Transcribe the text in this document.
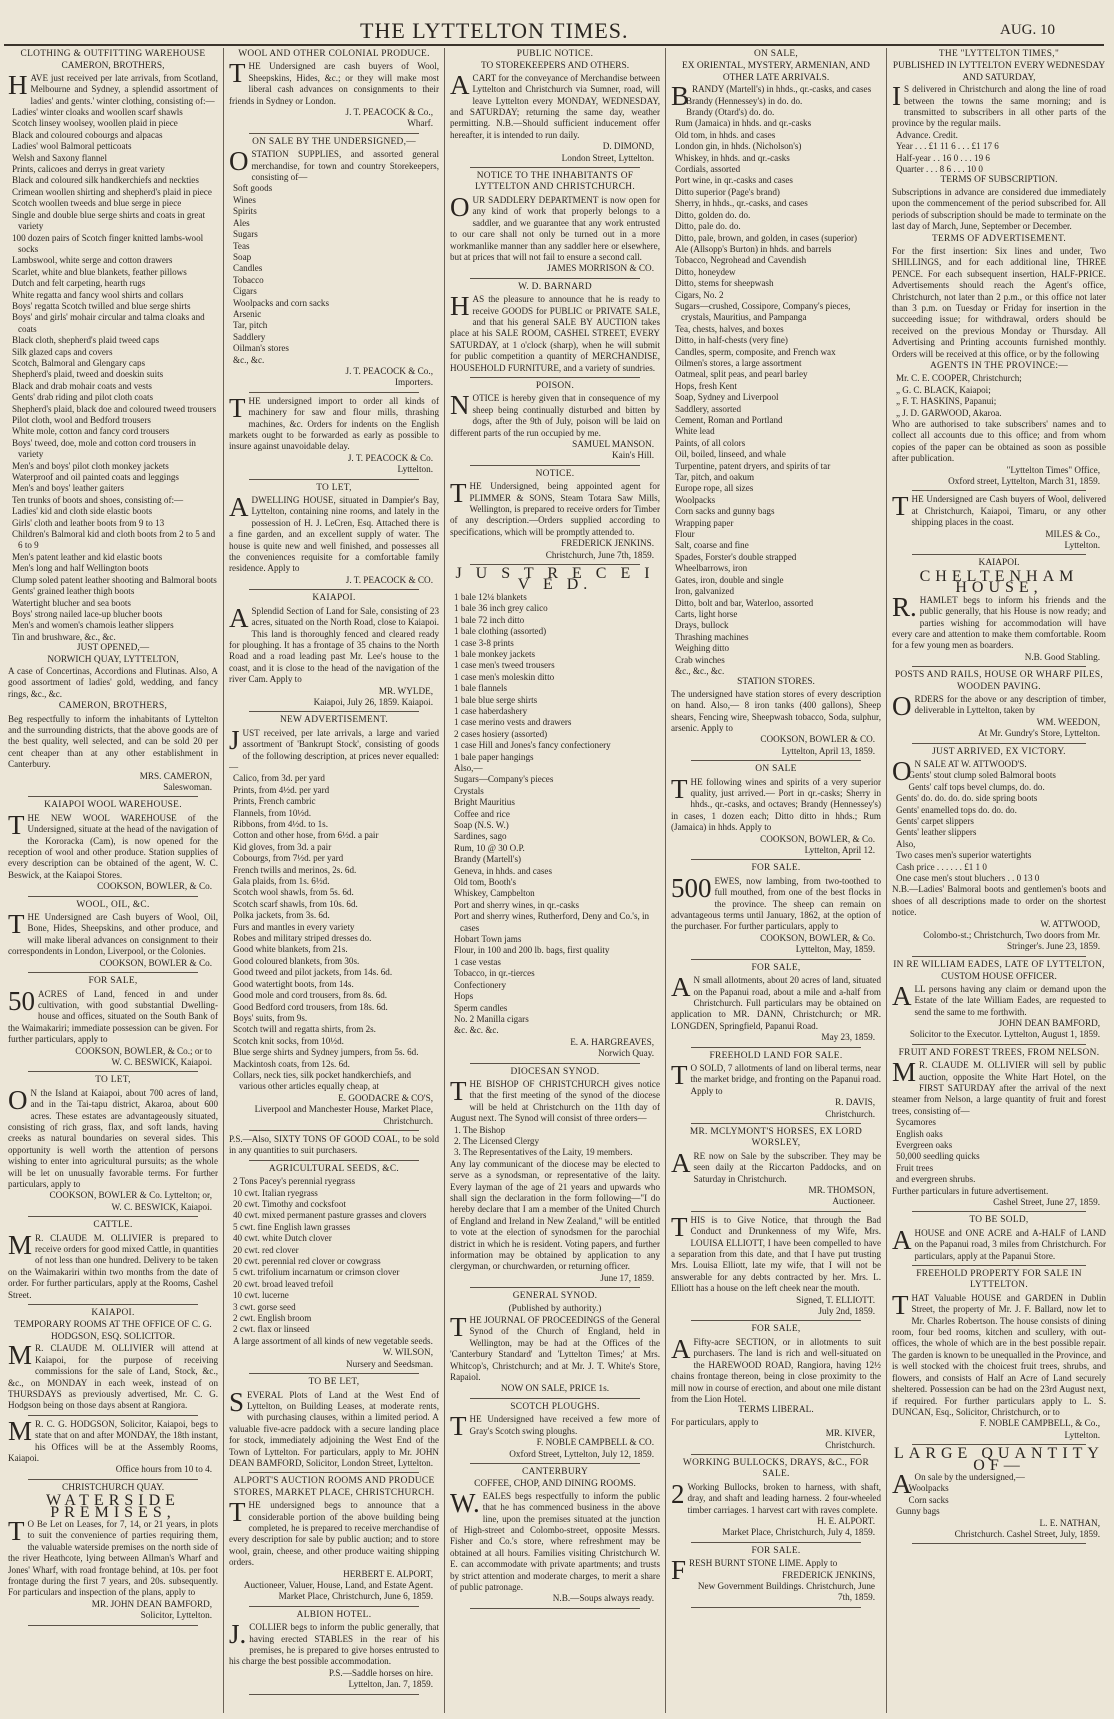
THE LYTTELTON TIMES.	AUG. 10
CLOTHING & OUTFITTING WAREHOUSE
CAMERON, BROTHERS,

HAVE just received per late arrivals, from Scotland, Melbourne and Sydney, a splendid assortment of ladies' and gents.' winter clothing, consisting of:—

Ladies' winter cloaks and woollen scarf shawls
Scotch linsey woolsey, woollen plaid in piece
Black and coloured cobourgs and alpacas
Ladies' wool Balmoral petticoats
Welsh and Saxony flannel
Prints, calicoes and derrys in great variety
Black and coloured silk handkerchiefs and neckties
Crimean woollen shirting and shepherd's plaid in piece
Scotch woollen tweeds and blue serge in piece
Single and double blue serge shirts and coats in great variety
100 dozen pairs of Scotch finger knitted lambs-wool socks
Lambswool, white serge and cotton drawers
Scarlet, white and blue blankets, feather pillows
Dutch and felt carpeting, hearth rugs
White regatta and fancy wool shirts and collars
Boys' regatta Scotch twilled and blue serge shirts
Boys' and girls' mohair circular and talma cloaks and coats
Black cloth, shepherd's plaid tweed caps
Silk glazed caps and covers
Scotch, Balmoral and Glengary caps
Shepherd's plaid, tweed and doeskin suits
Black and drab mohair coats and vests
Gents' drab riding and pilot cloth coats
Shepherd's plaid, black doe and coloured tweed trousers
Pilot cloth, wool and Bedford trousers
White mole, cotton and fancy cord trousers
Boys' tweed, doe, mole and cotton cord trousers in variety
Men's and boys' pilot cloth monkey jackets
Waterproof and oil painted coats and leggings
Men's and boys' leather gaiters
Ten trunks of boots and shoes, consisting of:—
Ladies' kid and cloth side elastic boots
Girls' cloth and leather boots from 9 to 13
Children's Balmoral kid and cloth boots from 2 to 5 and 6 to 9
Men's patent leather and kid elastic boots
Men's long and half Wellington boots
Clump soled patent leather shooting and Balmoral boots
Gents' grained leather thigh boots
Watertight blucher and sea boots
Boys' strong nailed lace-up blucher boots
Men's and women's chamois leather slippers
Tin and brushware, &c., &c.
JUST OPENED,—
NORWICH QUAY, LYTTELTON,

A case of Concertinas, Accordions and Flutinas. Also, A good assortment of ladies' gold, wedding, and fancy rings, &c., &c.

CAMERON, BROTHERS,

Beg respectfully to inform the inhabitants of Lyttelton and the surrounding districts, that the above goods are of the best quality, well selected, and can be sold 20 per cent cheaper than at any other establishment in Canterbury.

MRS. CAMERON,
Saleswoman.
KAIAPOI WOOL WAREHOUSE.

THE NEW WOOL WAREHOUSE of the Undersigned, situate at the head of the navigation of the Kororacka (Cam), is now opened for the reception of wool and other produce. Station supplies of every description can be obtained of the agent, W. C. Beswick, at the Kaiapoi Stores.

COOKSON, BOWLER, & Co.
WOOL, OIL, &C.

THE Undersigned are Cash buyers of Wool, Oil, Bone, Hides, Sheepskins, and other produce, and will make liberal advances on consignment to their correspondents in London, Liverpool, or the Colonies.

COOKSON, BOWLER & Co.
FOR SALE,

50 ACRES of Land, fenced in and under cultivation, with good substantial Dwelling-house and offices, situated on the South Bank of the Waimakariri; immediate possession can be given. For further particulars, apply to

COOKSON, BOWLER, & Co.; or to
W. C. BESWICK, Kaiapoi.
TO LET,

O N the Island at Kaiapoi, about 700 acres of land, and in the Tai-tapu district, Akaroa, about 600 acres. These estates are advantageously situated, consisting of rich grass, flax, and soft lands, having creeks as natural boundaries on several sides. This opportunity is well worth the attention of persons wishing to enter into agricultural pursuits; as the whole will be let on unusually favorable terms. For further particulars, apply to

COOKSON, BOWLER & Co. Lyttelton; or,
W. C. BESWICK, Kaiapoi.
CATTLE.

M R. CLAUDE M. OLLIVIER is prepared to receive orders for good mixed Cattle, in quantities of not less than one hundred. Delivery to be taken on the Waimakariri within two months from the date of order. For further particulars, apply at the Rooms, Cashel Street.

KAIAPOI.
TEMPORARY ROOMS AT THE OFFICE OF C. G. HODGSON, ESQ. SOLICITOR.

M R. CLAUDE M. OLLIVIER will attend at Kaiapoi, for the purpose of receiving commissions for the sale of Land, Stock, &c., &c., on MONDAY in each week, instead of on THURSDAYS as previously advertised, Mr. C. G. Hodgson being on those days absent at Rangiora.

M R. C. G. HODGSON, Solicitor, Kaiapoi, begs to state that on and after MONDAY, the 18th instant, his Offices will be at the Assembly Rooms, Kaiapoi.

Office hours from 10 to 4.
CHRISTCHURCH QUAY.
WATERSIDE PREMISES,

T O Be Let on Leases, for 7, 14, or 21 years, in plots to suit the convenience of parties requiring them, the valuable waterside premises on the north side of the river Heathcote, lying between Allman's Wharf and Jones' Wharf, with road frontage behind, at 10s. per foot frontage during the first 7 years, and 20s. subsequently. For particulars and inspection of the plans, apply to

MR. JOHN DEAN BAMFORD,
Solicitor, Lyttelton.
WOOL AND OTHER COLONIAL PRODUCE.

THE Undersigned are cash buyers of Wool, Sheepskins, Hides, &c.; or they will make most liberal cash advances on consignments to their friends in Sydney or London.

J. T. PEACOCK & Co.,
Wharf.
ON SALE BY THE UNDERSIGNED,—

OSTATION SUPPLIES, and assorted general merchandise, for town and country Storekeepers, consisting of—

Soft goods
Wines
Spirits
Ales
Sugars
Teas
Soap
Candles
Tobacco
Cigars
Woolpacks and corn sacks
Arsenic
Tar, pitch
Saddlery
Oilman's stores
&c., &c.
J. T. PEACOCK & Co.,
Importers.

THE undersigned import to order all kinds of machinery for saw and flour mills, thrashing machines, &c. Orders for indents on the English markets ought to be forwarded as early as possible to insure against unavoidable delay.

J. T. PEACOCK & Co.
Lyttelton.
TO LET,

ADWELLING HOUSE, situated in Dampier's Bay, Lyttelton, containing nine rooms, and lately in the possession of H. J. LeCren, Esq. Attached there is a fine garden, and an excellent supply of water. The house is quite new and well finished, and possesses all the conveniences requisite for a comfortable family residence. Apply to

J. T. PEACOCK & CO.
KAIAPOI.

A Splendid Section of Land for Sale, consisting of 23 acres, situated on the North Road, close to Kaiapoi. This land is thoroughly fenced and cleared ready for ploughing. It has a frontage of 35 chains to the North Road and a road leading past Mr. Lee's house to the coast, and it is close to the head of the navigation of the river Cam. Apply to

MR. WYLDE,
Kaiapoi, July 26, 1859. Kaiapoi.
NEW ADVERTISEMENT.

JUST received, per late arrivals, a large and varied assortment of 'Bankrupt Stock', consisting of goods of the following description, at prices never equalled:—

Calico, from 3d. per yard
Prints, from 4½d. per yard
Prints, French cambric
Flannels, from 10½d.
Ribbons, from 4½d. to 1s.
Cotton and other hose, from 6½d. a pair
Kid gloves, from 3d. a pair
Cobourgs, from 7½d. per yard
French twills and merinos, 2s. 6d.
Gala plaids, from 1s. 6½d.
Scotch wool shawls, from 5s. 6d.
Scotch scarf shawls, from 10s. 6d.
Polka jackets, from 3s. 6d.
Furs and mantles in every variety
Robes and military striped dresses do.
Good white blankets, from 21s.
Good coloured blankets, from 30s.
Good tweed and pilot jackets, from 14s. 6d.
Good watertight boots, from 14s.
Good mole and cord trousers, from 8s. 6d.
Good Bedford cord trousers, from 18s. 6d.
Boys' suits, from 9s.
Scotch twill and regatta shirts, from 2s.
Scotch knit socks, from 10½d.
Blue serge shirts and Sydney jumpers, from 5s. 6d.
Mackintosh coats, from 12s. 6d.
Collars, neck ties, silk pocket handkerchiefs, and various other articles equally cheap, at
E. GOODACRE & CO'S,
Liverpool and Manchester House, Market Place, Christchurch.

P.S.—Also, SIXTY TONS OF GOOD COAL, to be sold in any quantities to suit purchasers.

AGRICULTURAL SEEDS, &C.
2 Tons Pacey's perennial ryegrass
10 cwt. Italian ryegrass
20 cwt. Timothy and cocksfoot
40 cwt. mixed permanent pasture grasses and clovers
5 cwt. fine English lawn grasses
40 cwt. white Dutch clover
20 cwt. red clover
20 cwt. perennial red clover or cowgrass
5 cwt. trifolium incarnatum or crimson clover
20 cwt. broad leaved trefoil
10 cwt. lucerne
3 cwt. gorse seed
2 cwt. English broom
2 cwt. flax or linseed
A large assortment of all kinds of new vegetable seeds.
W. WILSON,
Nursery and Seedsman.
TO BE LET,

SEVERAL Plots of Land at the West End of Lyttelton, on Building Leases, at moderate rents, with purchasing clauses, within a limited period. A valuable five-acre paddock with a secure landing place for stock, immediately adjoining the West End of the Town of Lyttelton. For particulars, apply to Mr. JOHN DEAN BAMFORD, Solicitor, London Street, Lyttelton.

ALPORT'S AUCTION ROOMS AND PRODUCE STORES, MARKET PLACE, CHRISTCHURCH.

THE undersigned begs to announce that a considerable portion of the above building being completed, he is prepared to receive merchandise of every description for sale by public auction; and to store wool, grain, cheese, and other produce waiting shipping orders.

HERBERT E. ALPORT,
Auctioneer, Valuer, House, Land, and Estate Agent. Market Place, Christchurch, June 6, 1859.
ALBION HOTEL.

J. COLLIER begs to inform the public generally, that having erected STABLES in the rear of his premises, he is prepared to give horses entrusted to his charge the best possible accommodation.

P.S.—Saddle horses on hire.
Lyttelton, Jan. 7, 1859.
PUBLIC NOTICE.
TO STOREKEEPERS AND OTHERS.

ACART for the conveyance of Merchandise between Lyttelton and Christchurch via Sumner, road, will leave Lyttelton every MONDAY, WEDNESDAY, and SATURDAY; returning the same day, weather permitting. N.B.—Should sufficient inducement offer hereafter, it is intended to run daily.

D. DIMOND,
London Street, Lyttelton.
NOTICE TO THE INHABITANTS OF LYTTELTON AND CHRISTCHURCH.

OUR SADDLERY DEPARTMENT is now open for any kind of work that properly belongs to a saddler, and we guarantee that any work entrusted to our care shall not only be turned out in a more workmanlike manner than any saddler here or elsewhere, but at prices that will not fail to ensure a second call.

JAMES MORRISON & CO.
W. D. BARNARD

HAS the pleasure to announce that he is ready to receive GOODS for PUBLIC or PRIVATE SALE, and that his general SALE BY AUCTION takes place at his SALE ROOM, CASHEL STREET, EVERY SATURDAY, at 1 o'clock (sharp), when he will submit for public competition a quantity of MERCHANDISE, HOUSEHOLD FURNITURE, and a variety of sundries.

POISON.

NOTICE is hereby given that in consequence of my sheep being continually disturbed and bitten by dogs, after the 9th of July, poison will be laid on different parts of the run occupied by me.

SAMUEL MANSON.
Kain's Hill.
NOTICE.

THE Undersigned, being appointed agent for PLIMMER & SONS, Steam Totara Saw Mills, Wellington, is prepared to receive orders for Timber of any description.—Orders supplied according to specifications, which will be promptly attended to.

FREDERICK JENKINS.
Christchurch, June 7th, 1859.
J U S T R E C E I V E D.
1 bale 12¼ blankets
1 bale 36 inch grey calico
1 bale 72 inch ditto
1 bale clothing (assorted)
1 case 3-8 prints
1 bale monkey jackets
1 case men's tweed trousers
1 case men's moleskin ditto
1 bale flannels
1 bale blue serge shirts
1 case haberdashery
1 case merino vests and drawers
2 cases hosiery (assorted)
1 case Hill and Jones's fancy confectionery
1 bale paper hangings
Also,—
Sugars—Company's pieces
Crystals
Bright Mauritius
Coffee and rice
Soap (N.S. W.)
Sardines, sago
Rum, 10 @ 30 O.P.
Brandy (Martell's)
Geneva, in hhds. and cases
Old tom, Booth's
Whiskey, Campbelton
Port and sherry wines, in qr.-casks
Port and sherry wines, Rutherford, Deny and Co.'s, in cases
Hobart Town jams
Flour, in 100 and 200 lb. bags, first quality
1 case vestas
Tobacco, in qr.-tierces
Confectionery
Hops
Sperm candles
No. 2 Manilla cigars
&c. &c. &c.
E. A. HARGREAVES,
Norwich Quay.
DIOCESAN SYNOD.

THE BISHOP OF CHRISTCHURCH gives notice that the first meeting of the synod of the diocese will be held at Christchurch on the 11th day of August next. The Synod will consist of three orders—

1. The Bishop
2. The Licensed Clergy
3. The Representatives of the Laity, 19 members.

Any lay communicant of the diocese may be elected to serve as a synodsman, or representative of the laity. Every layman of the age of 21 years and upwards who shall sign the declaration in the form following—"I do hereby declare that I am a member of the United Church of England and Ireland in New Zealand," will be entitled to vote at the election of synodsmen for the parochial district in which he is resident. Voting papers, and further information may be obtained by application to any clergyman, or churchwarden, or returning officer.

June 17, 1859.
GENERAL SYNOD.
(Published by authority.)

THE JOURNAL OF PROCEEDINGS of the General Synod of the Church of England, held in Wellington, may be had at the Offices of the 'Canterbury Standard' and 'Lyttelton Times;' at Mrs. Whitcop's, Christchurch; and at Mr. J. T. White's Store, Rapaiol.

NOW ON SALE, PRICE 1s.
SCOTCH PLOUGHS.

THE Undersigned have received a few more of Gray's Scotch swing ploughs.

F. NOBLE CAMPBELL & CO.
Oxford Street, Lyttelton, July 12, 1859.
CANTERBURY
COFFEE, CHOP, AND DINING ROOMS.

W. EALES begs respectfully to inform the public that he has commenced business in the above line, upon the premises situated at the junction of High-street and Colombo-street, opposite Messrs. Fisher and Co.'s store, where refreshment may be obtained at all hours. Families visiting Christchurch W. E. can accommodate with private apartments; and trusts by strict attention and moderate charges, to merit a share of public patronage.

N.B.—Soups always ready.
ON SALE,
EX ORIENTAL, MYSTERY, ARMENIAN, AND OTHER LATE ARRIVALS.

BRANDY (Martell's) in hhds., qr.-casks, and cases

Brandy (Hennessey's) in do. do.
Brandy (Otard's) do. do.
Rum (Jamaica) in hhds. and qr.-casks
Old tom, in hhds. and cases
London gin, in hhds. (Nicholson's)
Whiskey, in hhds. and qr.-casks
Cordials, assorted
Port wine, in qr.-casks and cases
Ditto superior (Page's brand)
Sherry, in hhds., qr.-casks, and cases
Ditto, golden do. do.
Ditto, pale do. do.
Ditto, pale, brown, and golden, in cases (superior)
Ale (Allsopp's Burton) in hhds. and barrels
Tobacco, Negrohead and Cavendish
Ditto, honeydew
Ditto, stems for sheepwash
Cigars, No. 2
Sugars—crushed, Cossipore, Company's pieces, crystals, Mauritius, and Pampanga
Tea, chests, halves, and boxes
Ditto, in half-chests (very fine)
Candles, sperm, composite, and French wax
Oilmen's stores, a large assortment
Oatmeal, split peas, and pearl barley
Hops, fresh Kent
Soap, Sydney and Liverpool
Saddlery, assorted
Cement, Roman and Portland
White lead
Paints, of all colors
Oil, boiled, linseed, and whale
Turpentine, patent dryers, and spirits of tar
Tar, pitch, and oakum
Europe rope, all sizes
Woolpacks
Corn sacks and gunny bags
Wrapping paper
Flour
Salt, coarse and fine
Spades, Forster's double strapped
Wheelbarrows, iron
Gates, iron, double and single
Iron, galvanized
Ditto, bolt and bar, Waterloo, assorted
Carts, light horse
Drays, bullock
Thrashing machines
Weighing ditto
Crab winches
&c., &c., &c.
STATION STORES.

The undersigned have station stores of every description on hand. Also,— 8 iron tanks (400 gallons), Sheep shears, Fencing wire, Sheepwash tobacco, Soda, sulphur, arsenic. Apply to

COOKSON, BOWLER & CO.
Lyttelton, April 13, 1859.
ON SALE

THE following wines and spirits of a very superior quality, just arrived.— Port in qr.-casks; Sherry in hhds., qr.-casks, and octaves; Brandy (Hennessey's) in cases, 1 dozen each; Ditto ditto in hhds.; Rum (Jamaica) in hhds. Apply to

COOKSON, BOWLER, & Co.
Lyttelton, April 12.
FOR SALE.

500 EWES, now lambing, from two-toothed to full mouthed, from one of the best flocks in the province. The sheep can remain on advantageous terms until January, 1862, at the option of the purchaser. For further particulars, apply to

COOKSON, BOWLER, & Co.
Lyttelton, May, 1859.
FOR SALE,

A N small allotments, about 20 acres of land, situated on the Papanui road, about a mile and a-half from Christchurch. Full particulars may be obtained on application to MR. DANN, Christchurch; or MR. LONGDEN, Springfield, Papanui Road.

May 23, 1859.
FREEHOLD LAND FOR SALE.

T O SOLD, 7 allotments of land on liberal terms, near the market bridge, and fronting on the Papanui road. Apply to

R. DAVIS,
Christchurch.
MR. MCLYMONT'S HORSES, EX LORD WORSLEY,

ARE now on Sale by the subscriber. They may be seen daily at the Riccarton Paddocks, and on Saturday in Christchurch.

MR. THOMSON,
Auctioneer.

THIS is to Give Notice, that through the Bad Conduct and Drunkenness of my Wife, Mrs. LOUISA ELLIOTT, I have been compelled to have a separation from this date, and that I have put trusting Mrs. Louisa Elliott, late my wife, that I will not be answerable for any debts contracted by her. Mrs. L. Elliott has a house on the left cheek near the mouth.

Signed, T. ELLIOTT.
July 2nd, 1859.
FOR SALE,

A Fifty-acre SECTION, or in allotments to suit purchasers. The land is rich and well-situated on the HAREWOOD ROAD, Rangiora, having 12½ chains frontage thereon, being in close proximity to the mill now in course of erection, and about one mile distant from the Lion Hotel.

TERMS LIBERAL.

For particulars, apply to

MR. KIVER,
Christchurch.
WORKING BULLOCKS, DRAYS, &C., FOR SALE.

2 Working Bullocks, broken to harness, with shaft, dray, and shaft and leading harness. 2 four-wheeled timber carriages. 1 harvest cart with raves complete.

H. E. ALPORT.
Market Place, Christchurch, July 4, 1859.
FOR SALE.

FRESH BURNT STONE LIME. Apply to

FREDERICK JENKINS,
New Government Buildings. Christchurch, June 7th, 1859.
THE "LYTTELTON TIMES,"
PUBLISHED IN LYTTELTON EVERY WEDNESDAY AND SATURDAY,

I S delivered in Christchurch and along the line of road between the towns the same morning; and is transmitted to subscribers in all other parts of the province by the regular mails.

Advance. Credit.
Year . . . £1 11 6 . . . £1 17 6
Half-year . . 16 0 . . . 19 6
Quarter . . . 8 6 . . . 10 0
TERMS OF SUBSCRIPTION.

Subscriptions in advance are considered due immediately upon the commencement of the period subscribed for. All periods of subscription should be made to terminate on the last day of March, June, September or December.

TERMS OF ADVERTISEMENT.

For the first insertion: Six lines and under, Two SHILLINGS, and for each additional line, THREE PENCE. For each subsequent insertion, HALF-PRICE. Advertisements should reach the Agent's office, Christchurch, not later than 2 p.m., or this office not later than 3 p.m. on Tuesday or Friday for insertion in the succeeding issue; for withdrawal, orders should be received on the previous Monday or Thursday. All Advertising and Printing accounts furnished monthly. Orders will be received at this office, or by the following

AGENTS IN THE PROVINCE:—
Mr. C. E. COOPER, Christchurch;
„ G. C. BLACK, Kaiapoi;
„ F. T. HASKINS, Papanui;
„ J. D. GARWOOD, Akaroa.

Who are authorised to take subscribers' names and to collect all accounts due to this office; and from whom copies of the paper can be obtained as soon as possible after publication.

"Lyttelton Times" Office,
Oxford street, Lyttelton, March 31, 1859.

THE Undersigned are Cash buyers of Wool, delivered at Christchurch, Kaiapoi, Timaru, or any other shipping places in the coast.

MILES & Co.,
Lyttelton.
KAIAPOI.
CHELTENHAM HOUSE,

R. HAMLET begs to inform his friends and the public generally, that his House is now ready; and parties wishing for accommodation will have every care and attention to make them comfortable. Room for a few young men as boarders.

N.B. Good Stabling.
POSTS AND RAILS, HOUSE OR WHARF PILES, WOODEN PAVING.

ORDERS for the above or any description of timber, deliverable in Lyttelton, taken by

WM. WEEDON,
At Mr. Gundry's Store, Lyttelton.
JUST ARRIVED, EX VICTORY.

O N SALE AT W. ATTWOOD'S.

Gents' stout clump soled Balmoral boots
Gents' calf tops bevel clumps, do. do.
Gents' do. do. do. do. side spring boots
Gents' enamelled tops do. do. do.
Gents' carpet slippers
Gents' leather slippers
Also,
Two cases men's superior watertights
Cash price . . . . . . £1 1 0
One case men's stout bluchers . . 0 13 0

N.B.—Ladies' Balmoral boots and gentlemen's boots and shoes of all descriptions made to order on the shortest notice.

W. ATTWOOD,
Colombo-st.; Christchurch, Two doors from Mr. Stringer's. June 23, 1859.
IN RE WILLIAM EADES, LATE OF LYTTELTON,
CUSTOM HOUSE OFFICER.

ALL persons having any claim or demand upon the Estate of the late William Eades, are requested to send the same to me forthwith.

JOHN DEAN BAMFORD,
Solicitor to the Executor. Lyttelton, August 1, 1859.
FRUIT AND FOREST TREES, FROM NELSON.

M R. CLAUDE M. OLLIVIER will sell by public auction, opposite the White Hart Hotel, on the FIRST SATURDAY after the arrival of the next steamer from Nelson, a large quantity of fruit and forest trees, consisting of—

Sycamores
English oaks
Evergreen oaks
50,000 seedling quicks
Fruit trees
and evergreen shrubs.

Further particulars in future advertisement.

Cashel Street, June 27, 1859.
TO BE SOLD,

AHOUSE and ONE ACRE and A-HALF of LAND on the Papanui road, 3 miles from Christchurch. For particulars, apply at the Papanui Store.

FREEHOLD PROPERTY FOR SALE IN LYTTELTON.

THAT Valuable HOUSE and GARDEN in Dublin Street, the property of Mr. J. F. Ballard, now let to Mr. Charles Robertson. The house consists of dining room, four bed rooms, kitchen and scullery, with out-offices, the whole of which are in the best possible repair. The garden is known to be unequalled in the Province, and is well stocked with the choicest fruit trees, shrubs, and flowers, and consists of Half an Acre of Land securely sheltered. Possession can be had on the 23rd August next, if required. For further particulars apply to L. S. DUNCAN, Esq., Solicitor, Christchurch, or to

F. NOBLE CAMPBELL, & Co.,
Lyttelton.
LARGE QUANTITY OF—

A On sale by the undersigned,—

Woolpacks
Corn sacks
Gunny bags
L. E. NATHAN,
Christchurch. Cashel Street, July, 1859.
